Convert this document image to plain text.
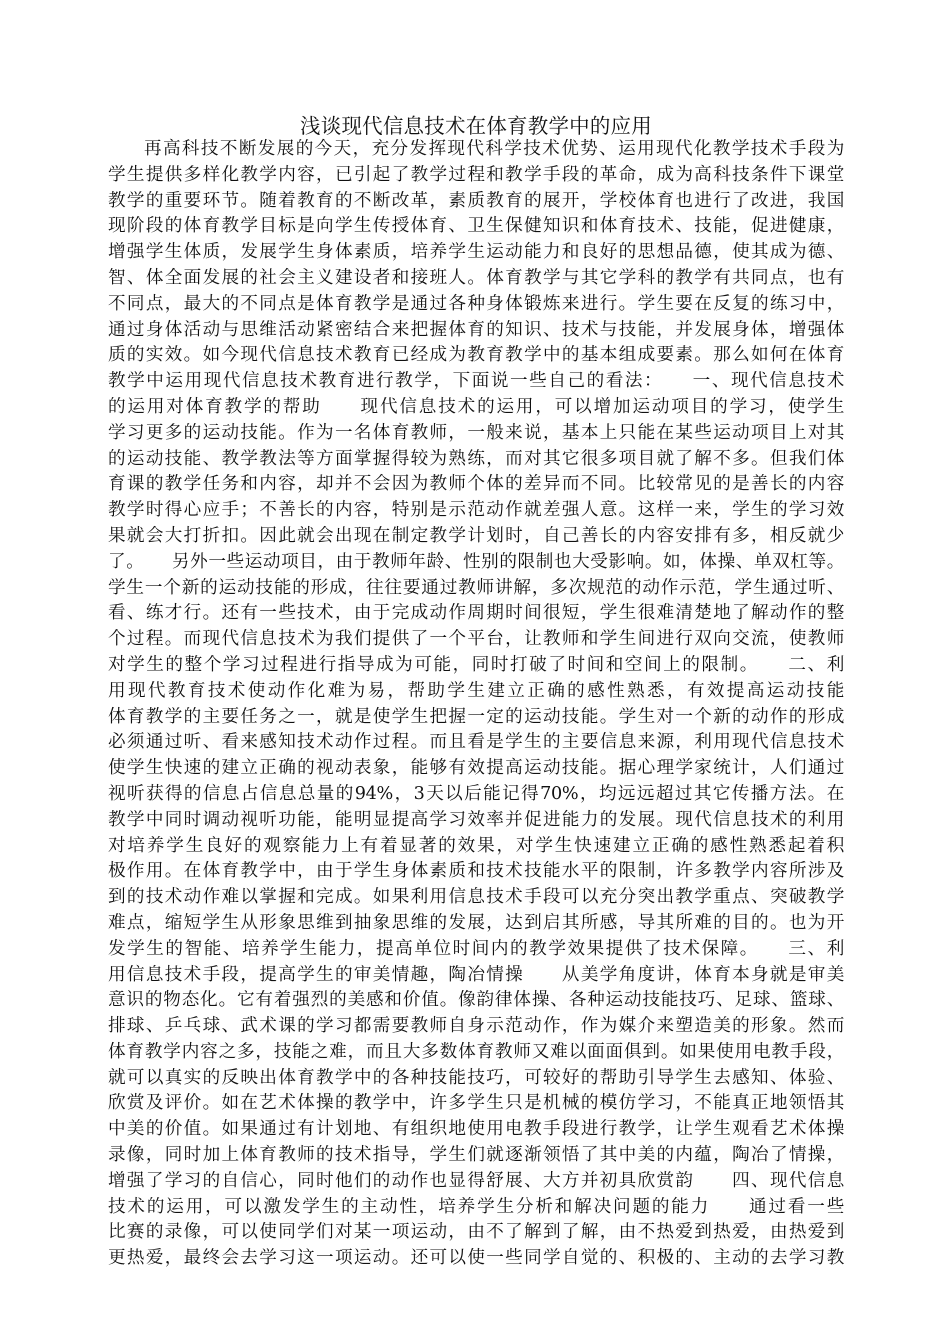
浅谈现代信息技术在体育教学中的应用
再高科技不断发展的今天，充分发挥现代科学技术优势、运用现代化教学技术手段为
学生提供多样化教学内容，已引起了教学过程和教学手段的革命，成为高科技条件下课堂
教学的重要环节。随着教育的不断改革，素质教育的展开，学校体育也进行了改进，我国
现阶段的体育教学目标是向学生传授体育、卫生保健知识和体育技术、技能，促进健康，
增强学生体质，发展学生身体素质，培养学生运动能力和良好的思想品德，使其成为德、
智、体全面发展的社会主义建设者和接班人。体育教学与其它学科的教学有共同点，也有
不同点，最大的不同点是体育教学是通过各种身体锻炼来进行。学生要在反复的练习中，
通过身体活动与思维活动紧密结合来把握体育的知识、技术与技能，并发展身体，增强体
质的实效。如今现代信息技术教育已经成为教育教学中的基本组成要素。那么如何在体育
教学中运用现代信息技术教育进行教学，下面说一些自己的看法：　　一、现代信息技术
的运用对体育教学的帮助　　现代信息技术的运用，可以增加运动项目的学习，使学生
学习更多的运动技能。作为一名体育教师，一般来说，基本上只能在某些运动项目上对其
的运动技能、教学教法等方面掌握得较为熟练，而对其它很多项目就了解不多。但我们体
育课的教学任务和内容，却并不会因为教师个体的差异而不同。比较常见的是善长的内容
教学时得心应手；不善长的内容，特别是示范动作就差强人意。这样一来，学生的学习效
果就会大打折扣。因此就会出现在制定教学计划时，自己善长的内容安排有多，相反就少
了。　　另外一些运动项目，由于教师年龄、性别的限制也大受影响。如，体操、单双杠等。
学生一个新的运动技能的形成，往往要通过教师讲解，多次规范的动作示范，学生通过听、
看、练才行。还有一些技术，由于完成动作周期时间很短，学生很难清楚地了解动作的整
个过程。而现代信息技术为我们提供了一个平台，让教师和学生间进行双向交流，使教师
对学生的整个学习过程进行指导成为可能，同时打破了时间和空间上的限制。　　二、利
用现代教育技术使动作化难为易，帮助学生建立正确的感性熟悉，有效提高运动技能
体育教学的主要任务之一，就是使学生把握一定的运动技能。学生对一个新的动作的形成
必须通过听、看来感知技术动作过程。而且看是学生的主要信息来源，利用现代信息技术
使学生快速的建立正确的视动表象，能够有效提高运动技能。据心理学家统计，人们通过
视听获得的信息占信息总量的94%，3天以后能记得70%，均远远超过其它传播方法。在
教学中同时调动视听功能，能明显提高学习效率并促进能力的发展。现代信息技术的利用
对培养学生良好的观察能力上有着显著的效果，对学生快速建立正确的感性熟悉起着积
极作用。在体育教学中，由于学生身体素质和技术技能水平的限制，许多教学内容所涉及
到的技术动作难以掌握和完成。如果利用信息技术手段可以充分突出教学重点、突破教学
难点，缩短学生从形象思维到抽象思维的发展，达到启其所感，导其所难的目的。也为开
发学生的智能、培养学生能力，提高单位时间内的教学效果提供了技术保障。　　三、利
用信息技术手段，提高学生的审美情趣，陶冶情操　　从美学角度讲，体育本身就是审美
意识的物态化。它有着强烈的美感和价值。像韵律体操、各种运动技能技巧、足球、篮球、
排球、乒乓球、武术课的学习都需要教师自身示范动作，作为媒介来塑造美的形象。然而
体育教学内容之多，技能之难，而且大多数体育教师又难以面面俱到。如果使用电教手段，
就可以真实的反映出体育教学中的各种技能技巧，可较好的帮助引导学生去感知、体验、
欣赏及评价。如在艺术体操的教学中，许多学生只是机械的模仿学习，不能真正地领悟其
中美的价值。如果通过有计划地、有组织地使用电教手段进行教学，让学生观看艺术体操
录像，同时加上体育教师的技术指导，学生们就逐渐领悟了其中美的内蕴，陶冶了情操，
增强了学习的自信心，同时他们的动作也显得舒展、大方并初具欣赏韵　　四、现代信息
技术的运用，可以激发学生的主动性，培养学生分析和解决问题的能力　　通过看一些
比赛的录像，可以使同学们对某一项运动，由不了解到了解，由不热爱到热爱，由热爱到
更热爱，最终会去学习这一项运动。还可以使一些同学自觉的、积极的、主动的去学习教
